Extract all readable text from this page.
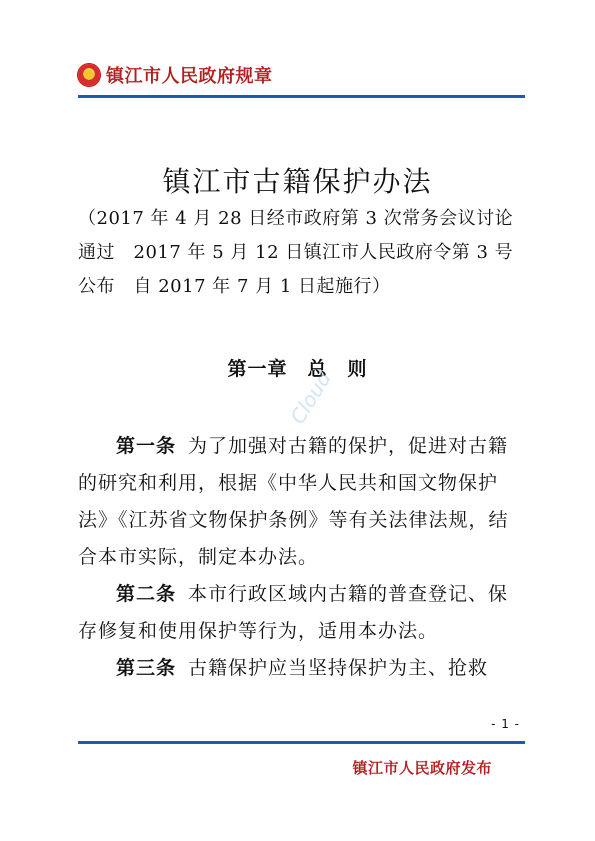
镇江市人民政府规章
镇江市古籍保护办法
（2017 年 4 月 28 日经市政府第 3 次常务会议讨论通过　2017 年 5 月 12 日镇江市人民政府令第 3 号公布　自 2017 年 7 月 1 日起施行）
第一章　总　则
Cloud

第一条 为了加强对古籍的保护，促进对古籍的研究和利用，根据《中华人民共和国文物保护法》《江苏省文物保护条例》等有关法律法规，结合本市实际，制定本办法。

第二条 本市行政区域内古籍的普查登记、保存修复和使用保护等行为，适用本办法。

第三条 古籍保护应当坚持保护为主、抢救

- 1 -
镇江市人民政府发布
